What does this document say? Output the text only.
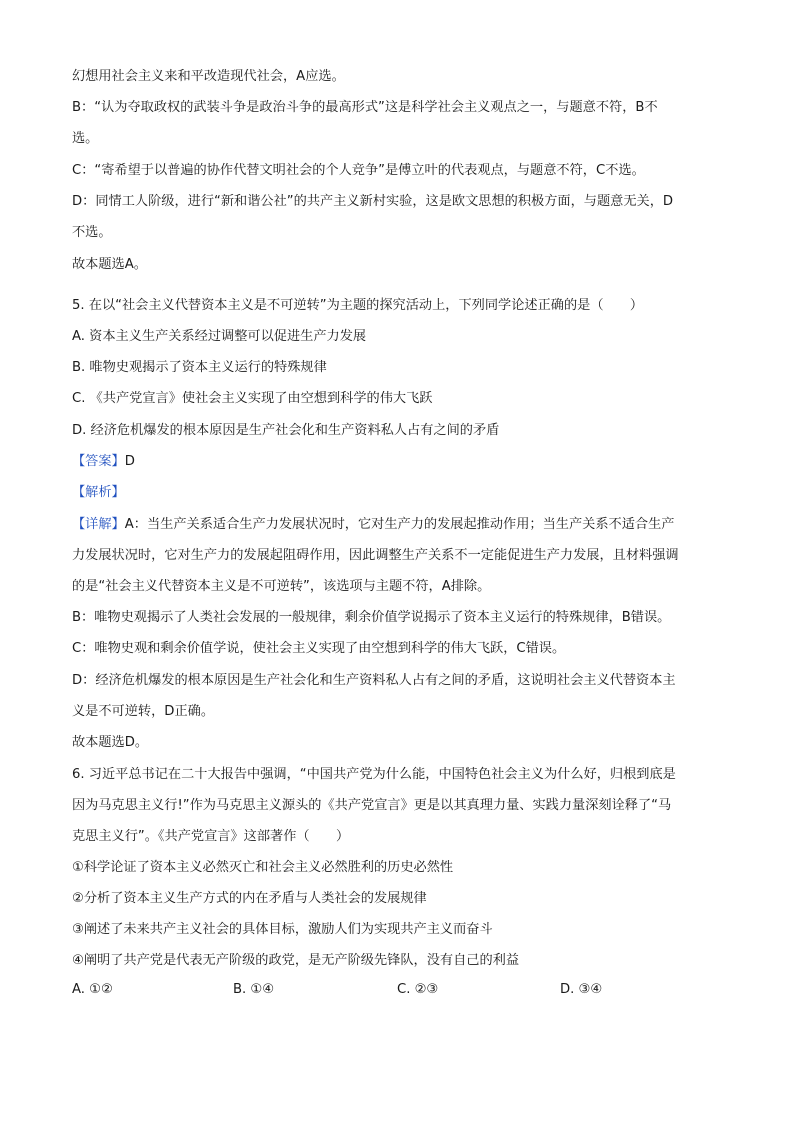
幻想用社会主义来和平改造现代社会，A应选。
B：“认为夺取政权的武装斗争是政治斗争的最高形式”这是科学社会主义观点之一，与题意不符，B不
选。
C：“寄希望于以普遍的协作代替文明社会的个人竞争”是傅立叶的代表观点，与题意不符，C不选。
D：同情工人阶级，进行“新和谐公社”的共产主义新村实验，这是欧文思想的积极方面，与题意无关，D
不选。
故本题选A。
5. 在以“社会主义代替资本主义是不可逆转”为主题的探究活动上，下列同学论述正确的是（　　）
A. 资本主义生产关系经过调整可以促进生产力发展
B. 唯物史观揭示了资本主义运行的特殊规律
C. 《共产党宣言》使社会主义实现了由空想到科学的伟大飞跃
D. 经济危机爆发的根本原因是生产社会化和生产资料私人占有之间的矛盾
【答案】D
【解析】
【详解】A：当生产关系适合生产力发展状况时，它对生产力的发展起推动作用；当生产关系不适合生产
力发展状况时，它对生产力的发展起阻碍作用，因此调整生产关系不一定能促进生产力发展，且材料强调
的是“社会主义代替资本主义是不可逆转”，该选项与主题不符，A排除。
B：唯物史观揭示了人类社会发展的一般规律，剩余价值学说揭示了资本主义运行的特殊规律，B错误。
C：唯物史观和剩余价值学说，使社会主义实现了由空想到科学的伟大飞跃，C错误。
D：经济危机爆发的根本原因是生产社会化和生产资料私人占有之间的矛盾，这说明社会主义代替资本主
义是不可逆转，D正确。
故本题选D。
6. 习近平总书记在二十大报告中强调，“中国共产党为什么能，中国特色社会主义为什么好，归根到底是
因为马克思主义行!”作为马克思主义源头的《共产党宣言》更是以其真理力量、实践力量深刻诠释了“马
克思主义行”。《共产党宣言》这部著作（　　）
①科学论证了资本主义必然灭亡和社会主义必然胜利的历史必然性
②分析了资本主义生产方式的内在矛盾与人类社会的发展规律
③阐述了未来共产主义社会的具体目标，激励人们为实现共产主义而奋斗
④阐明了共产党是代表无产阶级的政党，是无产阶级先锋队，没有自己的利益
A. ①②	B. ①④	C. ②③	D. ③④
